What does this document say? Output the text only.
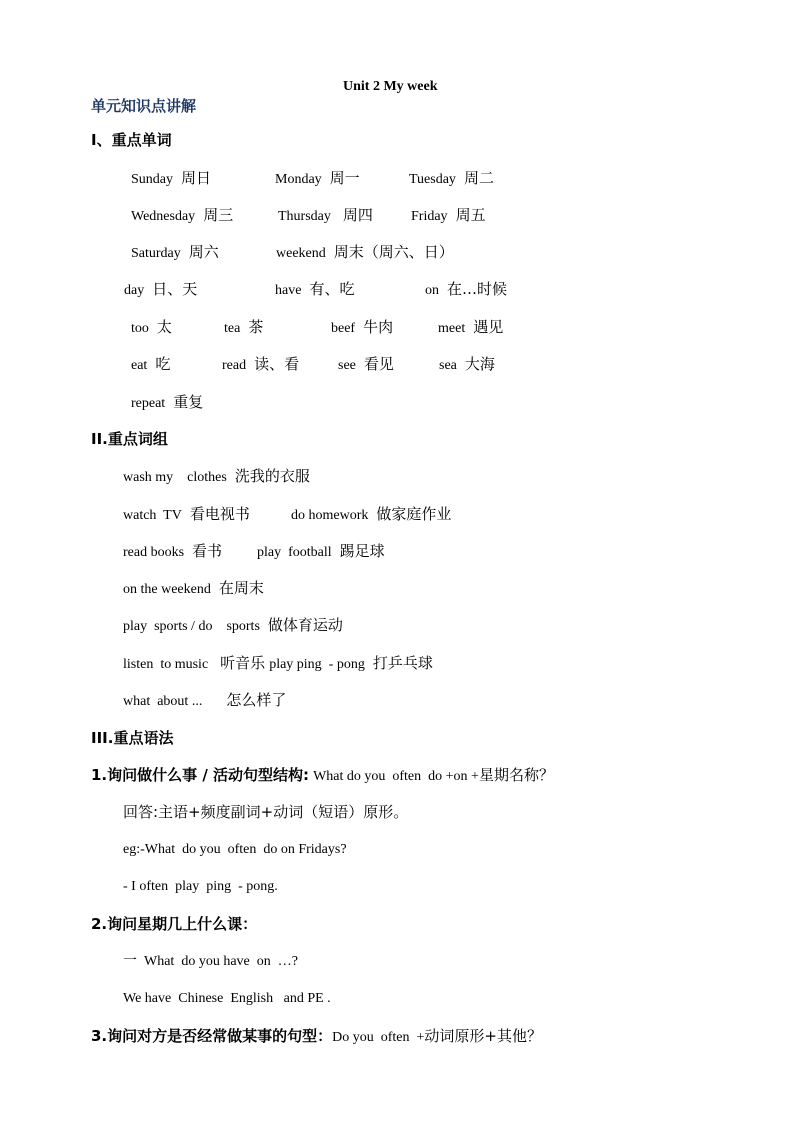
Unit 2 My week
单元知识点讲解
I、重点单词
Sunday 周日	Monday 周一	Tuesday 周二
Wednesday 周三	Thursday 周四	Friday 周五
Saturday 周六	weekend 周末（周六、日）
day 日、天	have 有、吃	on 在…时候
too 太	tea 茶	beef 牛肉	meet 遇见
eat 吃	read 读、看	see 看见	sea 大海
repeat 重复
II.重点词组
wash my    clothes 洗我的衣服
watch  TV 看电视书	do homework 做家庭作业
read books 看书 play  football 踢足球
on the weekend 在周末
play  sports / do    sports 做体育运动
listen  to music 听音乐 play ping  - pong 打乒乓球
what  about ... 怎么样了
III.重点语法
1.询问做什么事 / 活动句型结构: What do you  often  do +on +星期名称？
回答:主语+频度副词+动词（短语）原形。
eg:-What  do you  often  do on Fridays?
- I often  play  ping  - pong.
2.询问星期几上什么课：
一  What  do you have  on  …?
We have  Chinese  English   and PE .
3.询问对方是否经常做某事的句型：Do you  often  +动词原形+其他？
